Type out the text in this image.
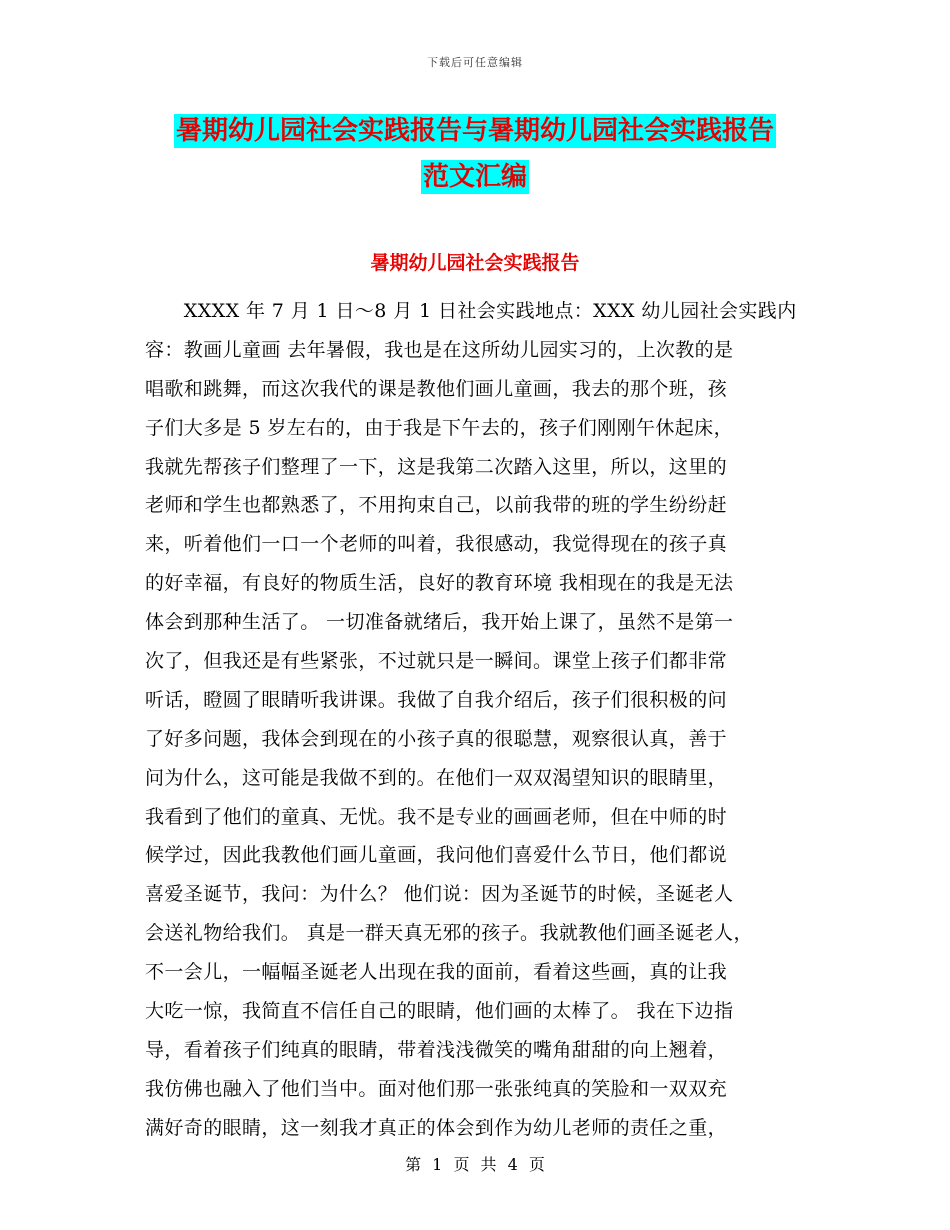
下载后可任意编辑
暑期幼儿园社会实践报告与暑期幼儿园社会实践报告
范文汇编
暑期幼儿园社会实践报告
　　XXXX 年 7 月 1 日～8 月 1 日社会实践地点：XXX 幼儿园社会实践内
容：教画儿童画 去年暑假，我也是在这所幼儿园实习的，上次教的是
唱歌和跳舞，而这次我代的课是教他们画儿童画，我去的那个班，孩
子们大多是 5 岁左右的，由于我是下午去的，孩子们刚刚午休起床，
我就先帮孩子们整理了一下，这是我第二次踏入这里，所以，这里的
老师和学生也都熟悉了，不用拘束自己，以前我带的班的学生纷纷赶
来，听着他们一口一个老师的叫着，我很感动，我觉得现在的孩子真
的好幸福，有良好的物质生活，良好的教育环境 我相现在的我是无法
体会到那种生活了。 一切准备就绪后，我开始上课了，虽然不是第一
次了，但我还是有些紧张，不过就只是一瞬间。课堂上孩子们都非常
听话，瞪圆了眼睛听我讲课。我做了自我介绍后，孩子们很积极的问
了好多问题，我体会到现在的小孩子真的很聪慧，观察很认真，善于
问为什么，这可能是我做不到的。在他们一双双渴望知识的眼睛里，
我看到了他们的童真、无忧。我不是专业的画画老师，但在中师的时
候学过，因此我教他们画儿童画，我问他们喜爱什么节日，他们都说
喜爱圣诞节，我问：为什么？ 他们说：因为圣诞节的时候，圣诞老人
会送礼物给我们。 真是一群天真无邪的孩子。我就教他们画圣诞老人，
不一会儿，一幅幅圣诞老人出现在我的面前，看着这些画，真的让我
大吃一惊，我简直不信任自己的眼睛，他们画的太棒了。 我在下边指
导，看着孩子们纯真的眼睛，带着浅浅微笑的嘴角甜甜的向上翘着，
我仿佛也融入了他们当中。面对他们那一张张纯真的笑脸和一双双充
满好奇的眼睛，这一刻我才真正的体会到作为幼儿老师的责任之重，
第 1 页 共 4 页
